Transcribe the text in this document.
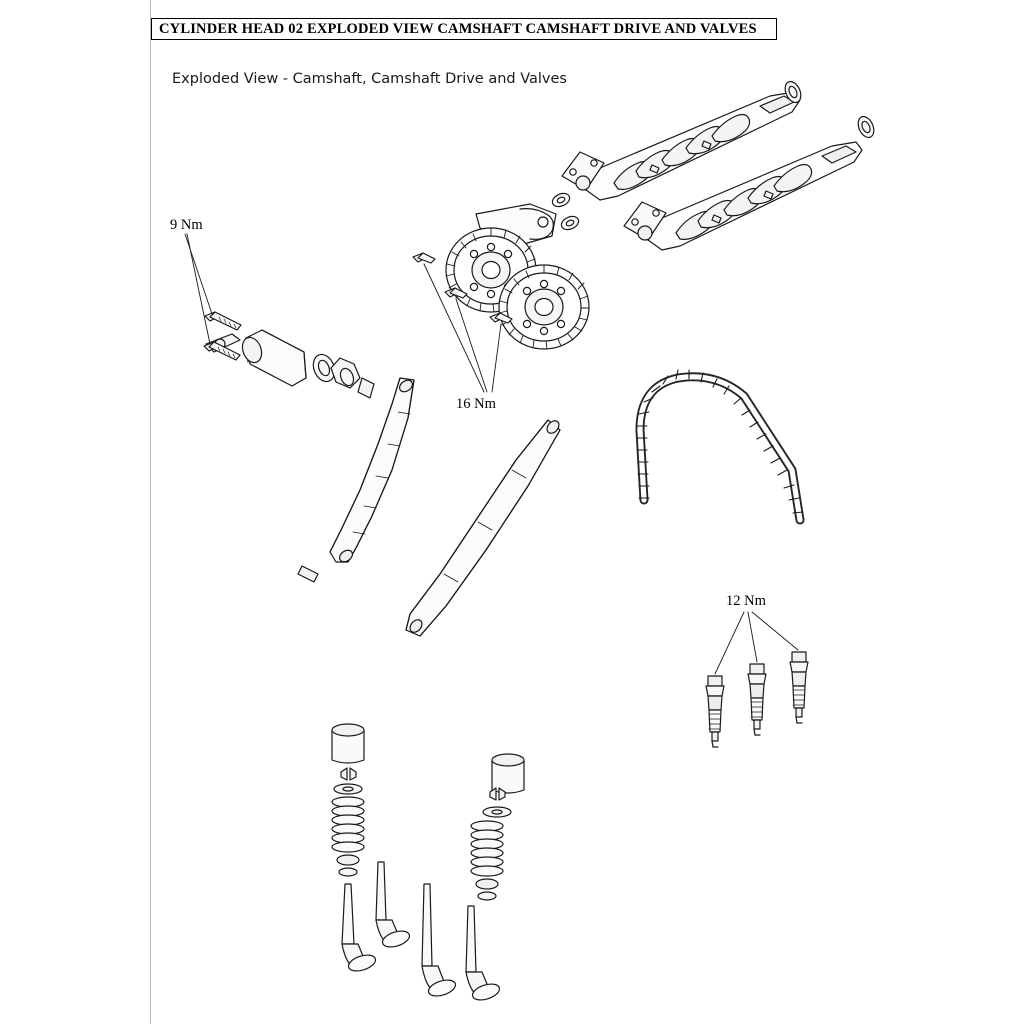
CYLINDER HEAD 02 EXPLODED VIEW CAMSHAFT CAMSHAFT DRIVE AND VALVES
Exploded View - Camshaft, Camshaft Drive and Valves
9 Nm
16 Nm
12 Nm
